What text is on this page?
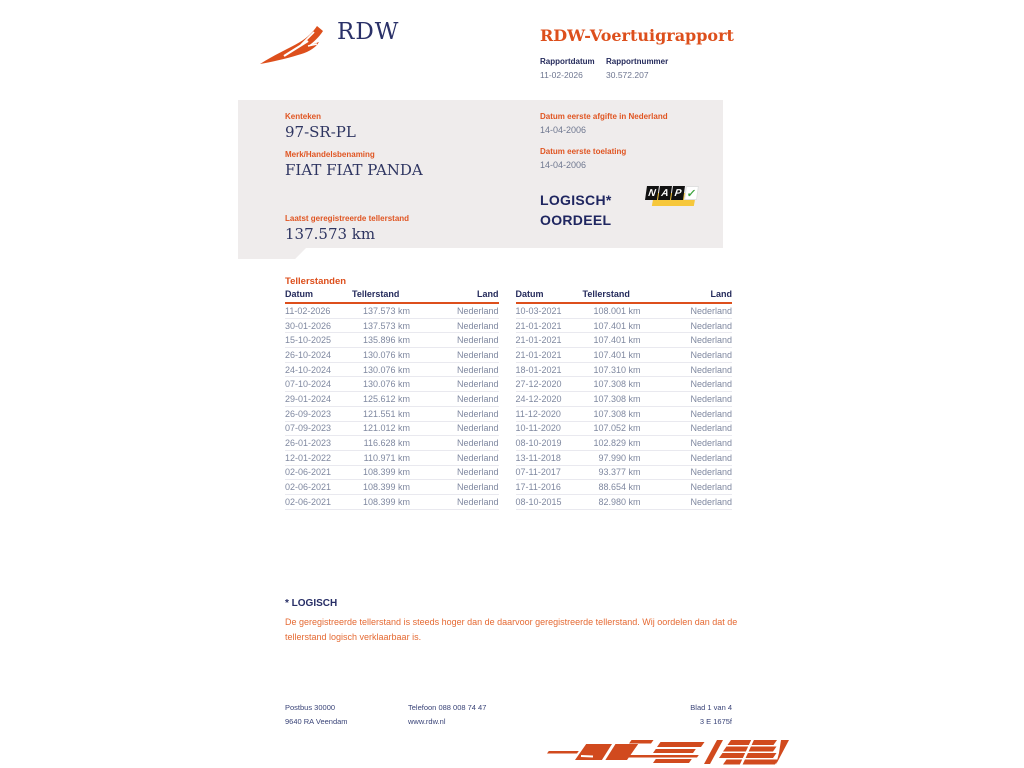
RDW	RDW-Voertuigrapport
Rapportdatum
11-02-2026
Rapportnummer
30.572.207
Kenteken
97-SR-PL
Merk/Handelsbenaming
FIAT FIAT PANDA
Laatst geregistreerde tellerstand
137.573 km
Datum eerste afgifte in Nederland
14-04-2006
Datum eerste toelating
14-04-2006
LOGISCH*
OORDEEL
N A P ✓
Tellerstanden
Datum	Tellerstand	Land
11-02-2026	137.573 km	Nederland
30-01-2026	137.573 km	Nederland
15-10-2025	135.896 km	Nederland
26-10-2024	130.076 km	Nederland
24-10-2024	130.076 km	Nederland
07-10-2024	130.076 km	Nederland
29-01-2024	125.612 km	Nederland
26-09-2023	121.551 km	Nederland
07-09-2023	121.012 km	Nederland
26-01-2023	116.628 km	Nederland
12-01-2022	110.971 km	Nederland
02-06-2021	108.399 km	Nederland
02-06-2021	108.399 km	Nederland
02-06-2021	108.399 km	Nederland
Datum	Tellerstand	Land
10-03-2021	108.001 km	Nederland
21-01-2021	107.401 km	Nederland
21-01-2021	107.401 km	Nederland
21-01-2021	107.401 km	Nederland
18-01-2021	107.310 km	Nederland
27-12-2020	107.308 km	Nederland
24-12-2020	107.308 km	Nederland
11-12-2020	107.308 km	Nederland
10-11-2020	107.052 km	Nederland
08-10-2019	102.829 km	Nederland
13-11-2018	97.990 km	Nederland
07-11-2017	93.377 km	Nederland
17-11-2016	88.654 km	Nederland
08-10-2015	82.980 km	Nederland
* LOGISCH
De geregistreerde tellerstand is steeds hoger dan de daarvoor geregistreerde tellerstand. Wij oordelen dan dat de tellerstand logisch verklaarbaar is.
Postbus 30000
9640 RA Veendam
Telefoon 088 008 74 47
www.rdw.nl
Blad 1 van 4
3 E 1675f
